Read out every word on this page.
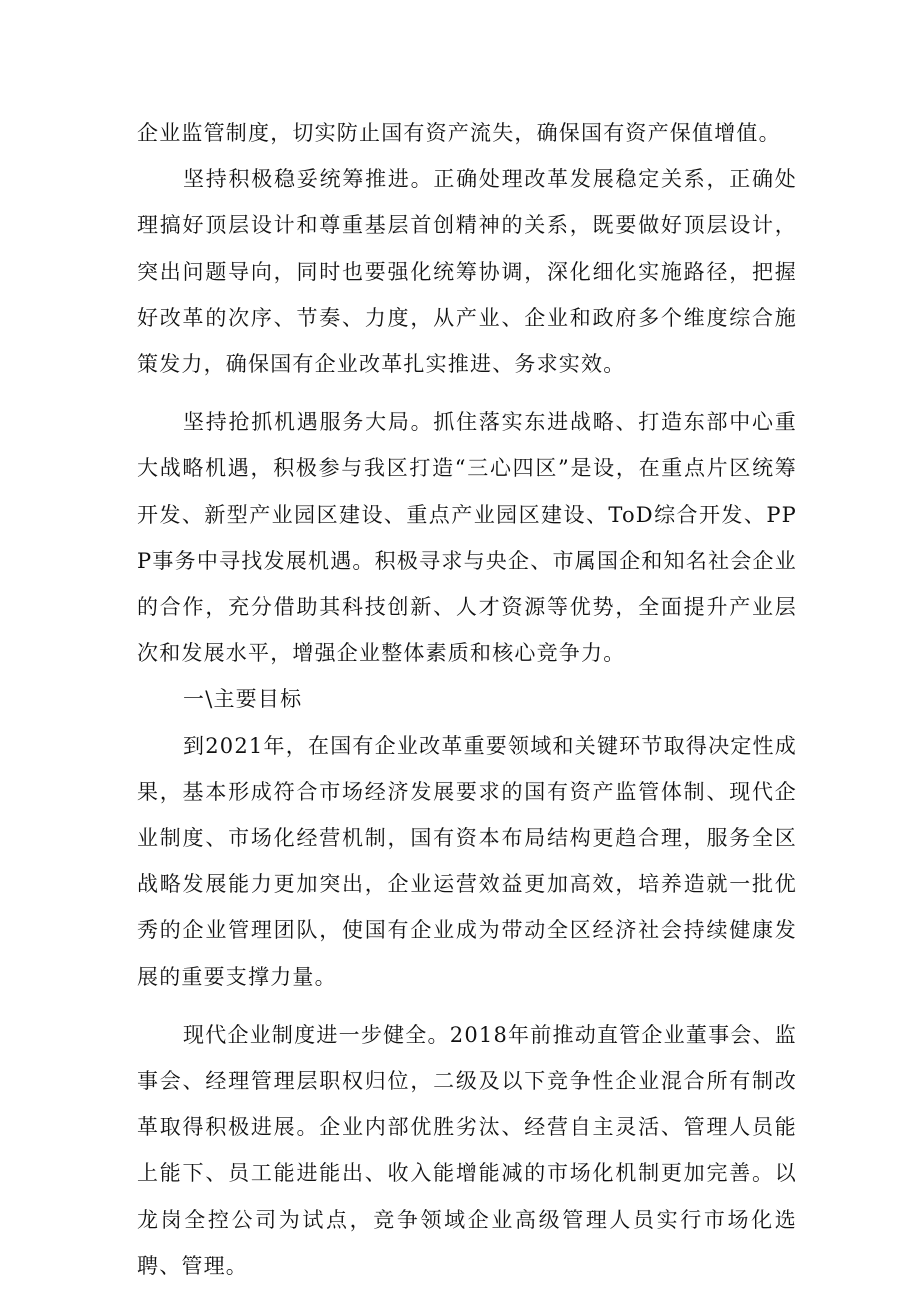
企业监管制度，切实防止国有资产流失，确保国有资产保值增值。

坚持积极稳妥统筹推进。正确处理改革发展稳定关系，正确处理搞好顶层设计和尊重基层首创精神的关系，既要做好顶层设计，突出问题导向，同时也要强化统筹协调，深化细化实施路径，把握好改革的次序、节奏、力度，从产业、企业和政府多个维度综合施策发力，确保国有企业改革扎实推进、务求实效。

坚持抢抓机遇服务大局。抓住落实东进战略、打造东部中心重大战略机遇，积极参与我区打造“三心四区”是设，在重点片区统筹开发、新型产业园区建设、重点产业园区建设、ToD综合开发、PPP事务中寻找发展机遇。积极寻求与央企、市属国企和知名社会企业的合作，充分借助其科技创新、人才资源等优势，全面提升产业层次和发展水平，增强企业整体素质和核心竞争力。

一\主要目标

到2021年，在国有企业改革重要领域和关键环节取得决定性成果，基本形成符合市场经济发展要求的国有资产监管体制、现代企业制度、市场化经营机制，国有资本布局结构更趋合理，服务全区战略发展能力更加突出，企业运营效益更加高效，培养造就一批优秀的企业管理团队，使国有企业成为带动全区经济社会持续健康发展的重要支撑力量。

现代企业制度进一步健全。2018年前推动直管企业董事会、监事会、经理管理层职权归位，二级及以下竞争性企业混合所有制改革取得积极进展。企业内部优胜劣汰、经营自主灵活、管理人员能上能下、员工能进能出、收入能增能减的市场化机制更加完善。以龙岗全控公司为试点，竞争领域企业高级管理人员实行市场化选聘、管理。
